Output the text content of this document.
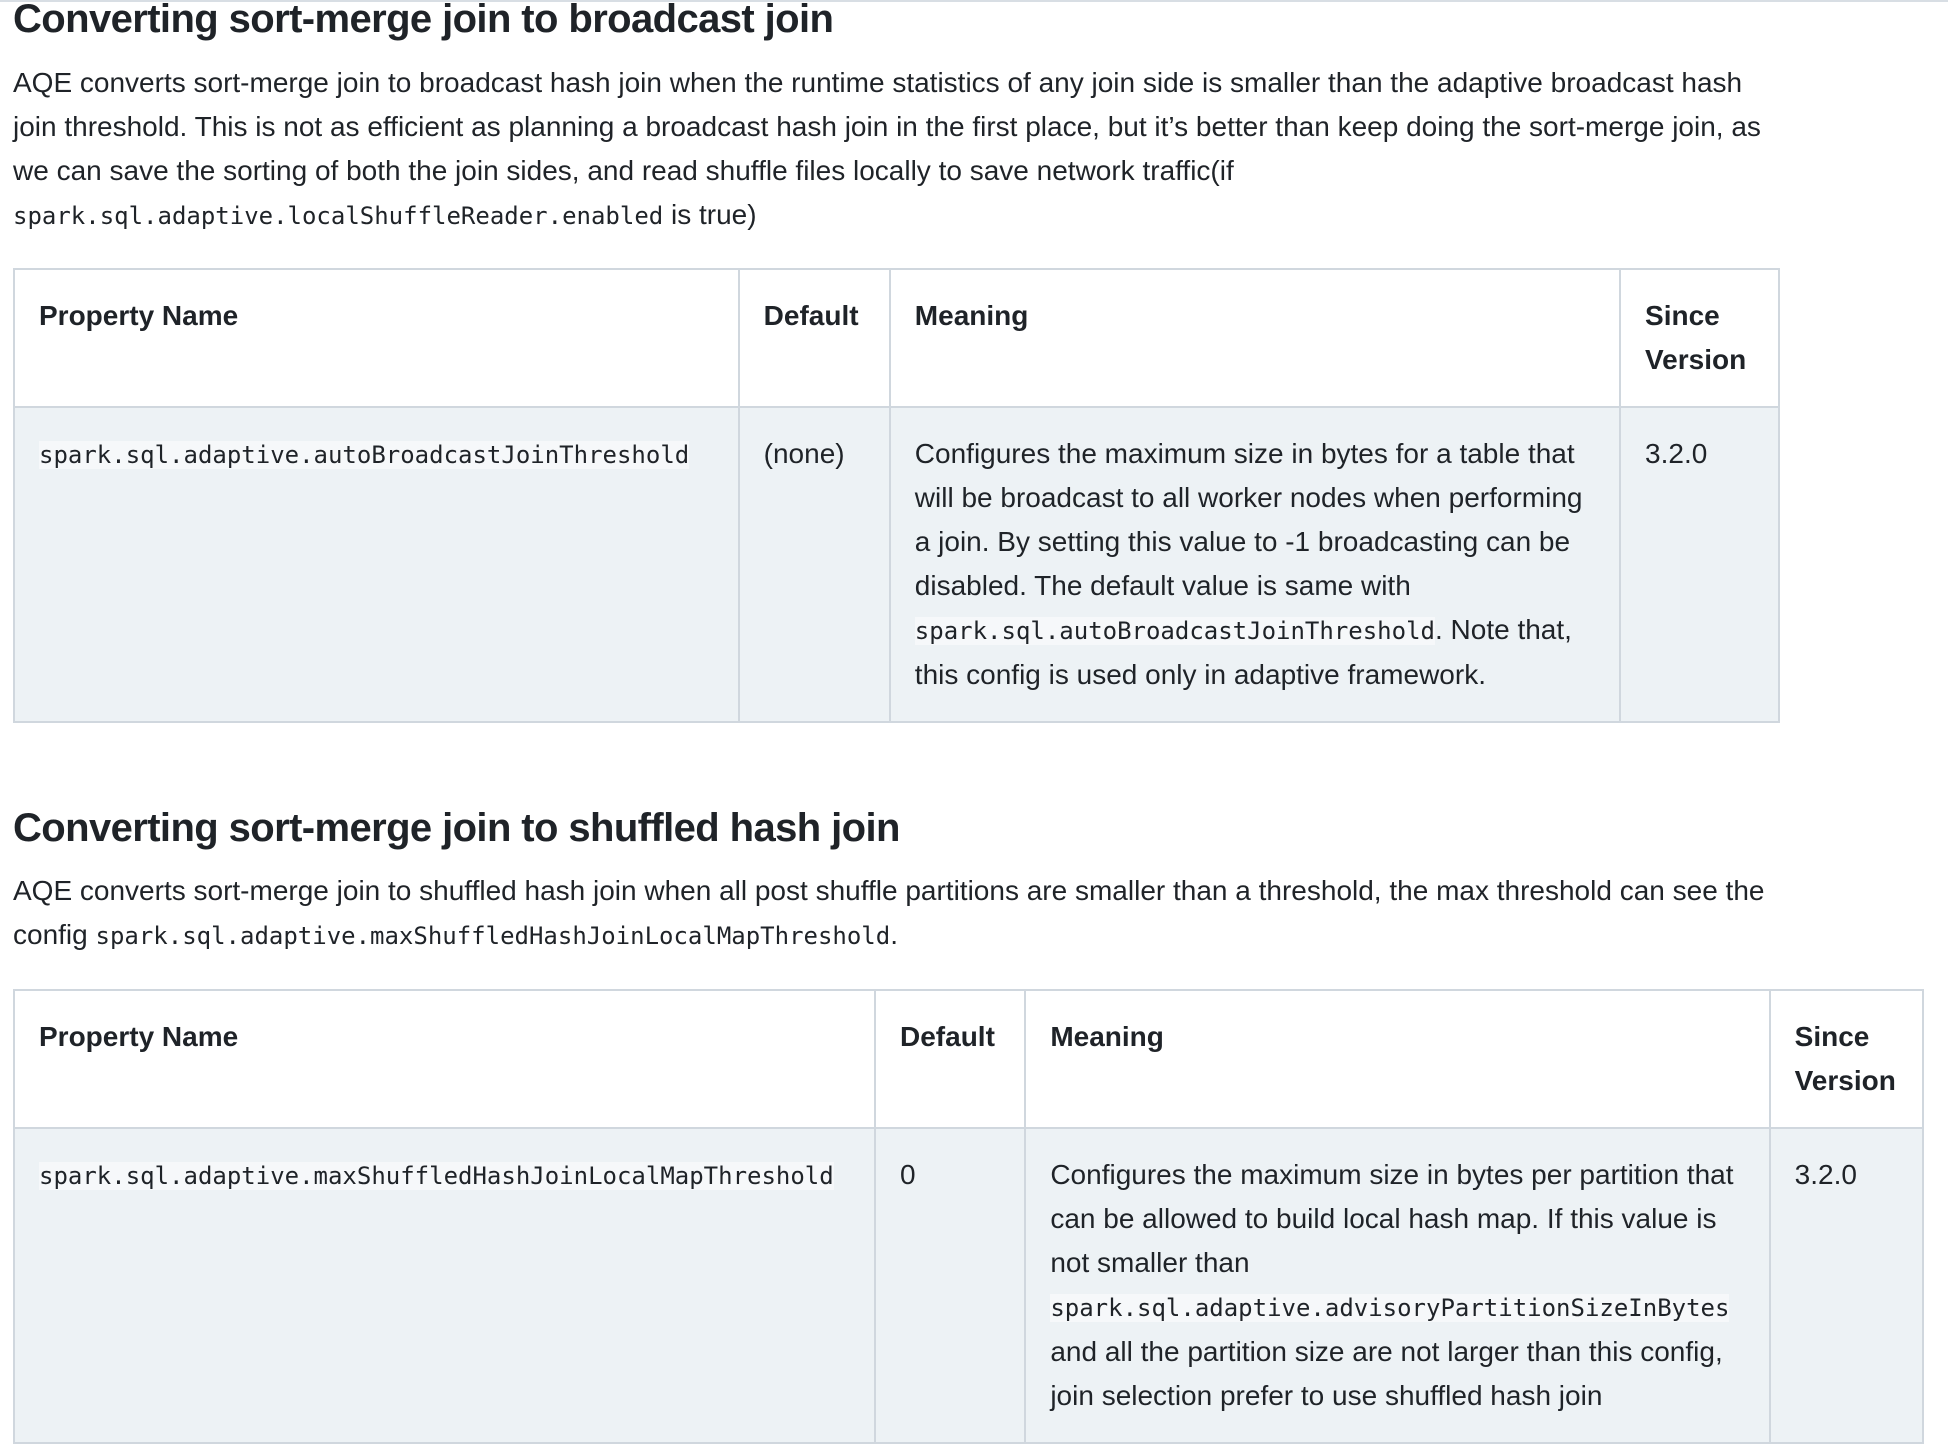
Converting sort-merge join to broadcast join

AQE converts sort-merge join to broadcast hash join when the runtime statistics of any join side is smaller than the adaptive broadcast hash join threshold. This is not as efficient as planning a broadcast hash join in the first place, but it’s better than keep doing the sort-merge join, as we can save the sorting of both the join sides, and read shuffle files locally to save network traffic(if spark.sql.adaptive.localShuffleReader.enabled is true)

Property Name	Default	Meaning	Since Version
spark.sql.adaptive.autoBroadcastJoinThreshold	(none)	Configures the maximum size in bytes for a table that will be broadcast to all worker nodes when performing a join. By setting this value to -1 broadcasting can be disabled. The default value is same with spark.sql.autoBroadcastJoinThreshold. Note that, this config is used only in adaptive framework.	3.2.0
Converting sort-merge join to shuffled hash join

AQE converts sort-merge join to shuffled hash join when all post shuffle partitions are smaller than a threshold, the max threshold can see the config spark.sql.adaptive.maxShuffledHashJoinLocalMapThreshold.

Property Name	Default	Meaning	Since Version
spark.sql.adaptive.maxShuffledHashJoinLocalMapThreshold	0	Configures the maximum size in bytes per partition that can be allowed to build local hash map. If this value is not smaller than spark.sql.adaptive.advisoryPartitionSizeInBytes and all the partition size are not larger than this config, join selection prefer to use shuffled hash join	3.2.0
